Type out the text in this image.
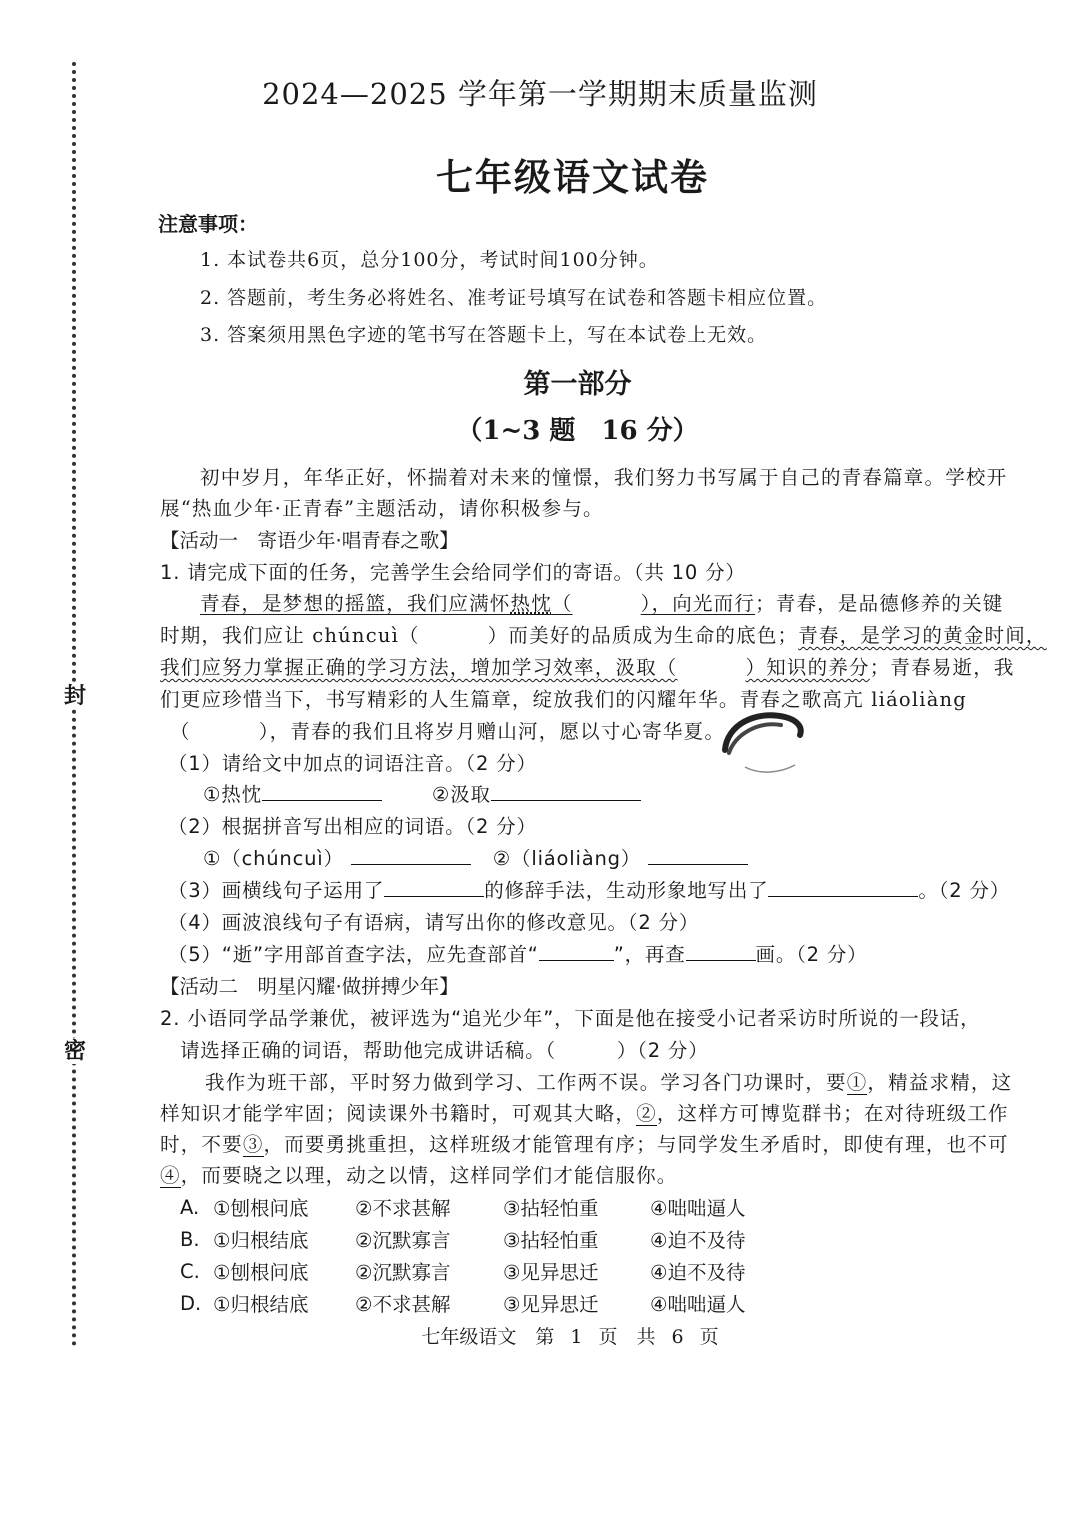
封
密
2024—2025 学年第一学期期末质量监测
七年级语文试卷
注意事项：
1. 本试卷共6页，总分100分，考试时间100分钟。
2. 答题前，考生务必将姓名、准考证号填写在试卷和答题卡相应位置。
3. 答案须用黑色字迹的笔书写在答题卡上，写在本试卷上无效。
第一部分
（1~3 题　16 分）
初中岁月，年华正好，怀揣着对未来的憧憬，我们努力书写属于自己的青春篇章。学校开
展“热血少年·正青春”主题活动，请你积极参与。
【活动一　寄语少年·唱青春之歌】
1. 请完成下面的任务，完善学生会给同学们的寄语。（共 10 分）
青春，是梦想的摇篮，我们应满怀热忱（	），向光而行；青春，是品德修养的关键
时期，我们应让 chúncuì（	）而美好的品质成为生命的底色；青春，是学习的黄金时间，
我们应努力掌握正确的学习方法，增加学习效率，汲取（	）知识的养分；青春易逝，我
们更应珍惜当下，书写精彩的人生篇章，绽放我们的闪耀年华。青春之歌高亢 liáoliàng
（	），青春的我们且将岁月赠山河，愿以寸心寄华夏。
（1）请给文中加点的词语注音。（2 分）
①热忱	②汲取
（2）根据拼音写出相应的词语。（2 分）
①（chúncuì）	②（liáoliàng）
（3）画横线句子运用了	的修辞手法，生动形象地写出了	。（2 分）
（4）画波浪线句子有语病，请写出你的修改意见。（2 分）
（5）“逝”字用部首查字法，应先查部首“	”，再查	画。（2 分）
【活动二　明星闪耀·做拼搏少年】
2. 小语同学品学兼优，被评选为“追光少年”，下面是他在接受小记者采访时所说的一段话，
请选择正确的词语，帮助他完成讲话稿。（　　　）（2 分）
我作为班干部，平时努力做到学习、工作两不误。学习各门功课时，要①，精益求精，这
样知识才能学牢固；阅读课外书籍时，可观其大略，②，这样方可博览群书；在对待班级工作
时，不要③，而要勇挑重担，这样班级才能管理有序；与同学发生矛盾时，即使有理，也不可
④，而要晓之以理，动之以情，这样同学们才能信服你。
A. ①刨根问底	②不求甚解	③拈轻怕重	④咄咄逼人
B. ①归根结底	②沉默寡言	③拈轻怕重	④迫不及待
C. ①刨根问底	②沉默寡言	③见异思迁	④迫不及待
D. ①归根结底	②不求甚解	③见异思迁	④咄咄逼人
七年级语文　第 1 页　共 6 页
